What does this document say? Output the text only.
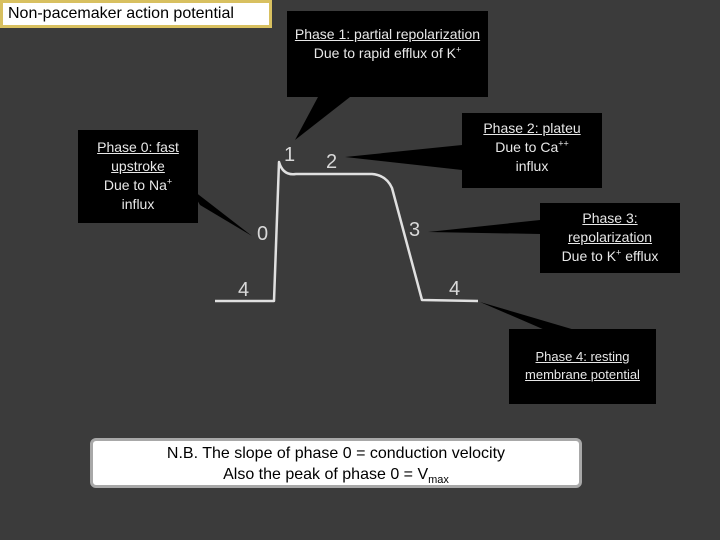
Non-pacemaker action potential
Phase 1: partial repolarization
Due to rapid efflux of K+
Phase 2: plateu
Due to Ca++
influx
Phase 0: fast upstroke
Due to Na+
influx
Phase 3: repolarization
Due to K+ efflux
Phase 4: resting membrane potential
1 2
0	3
4	4
N.B. The slope of phase 0 = conduction velocity
Also the peak of phase $0 = V_{max}$
